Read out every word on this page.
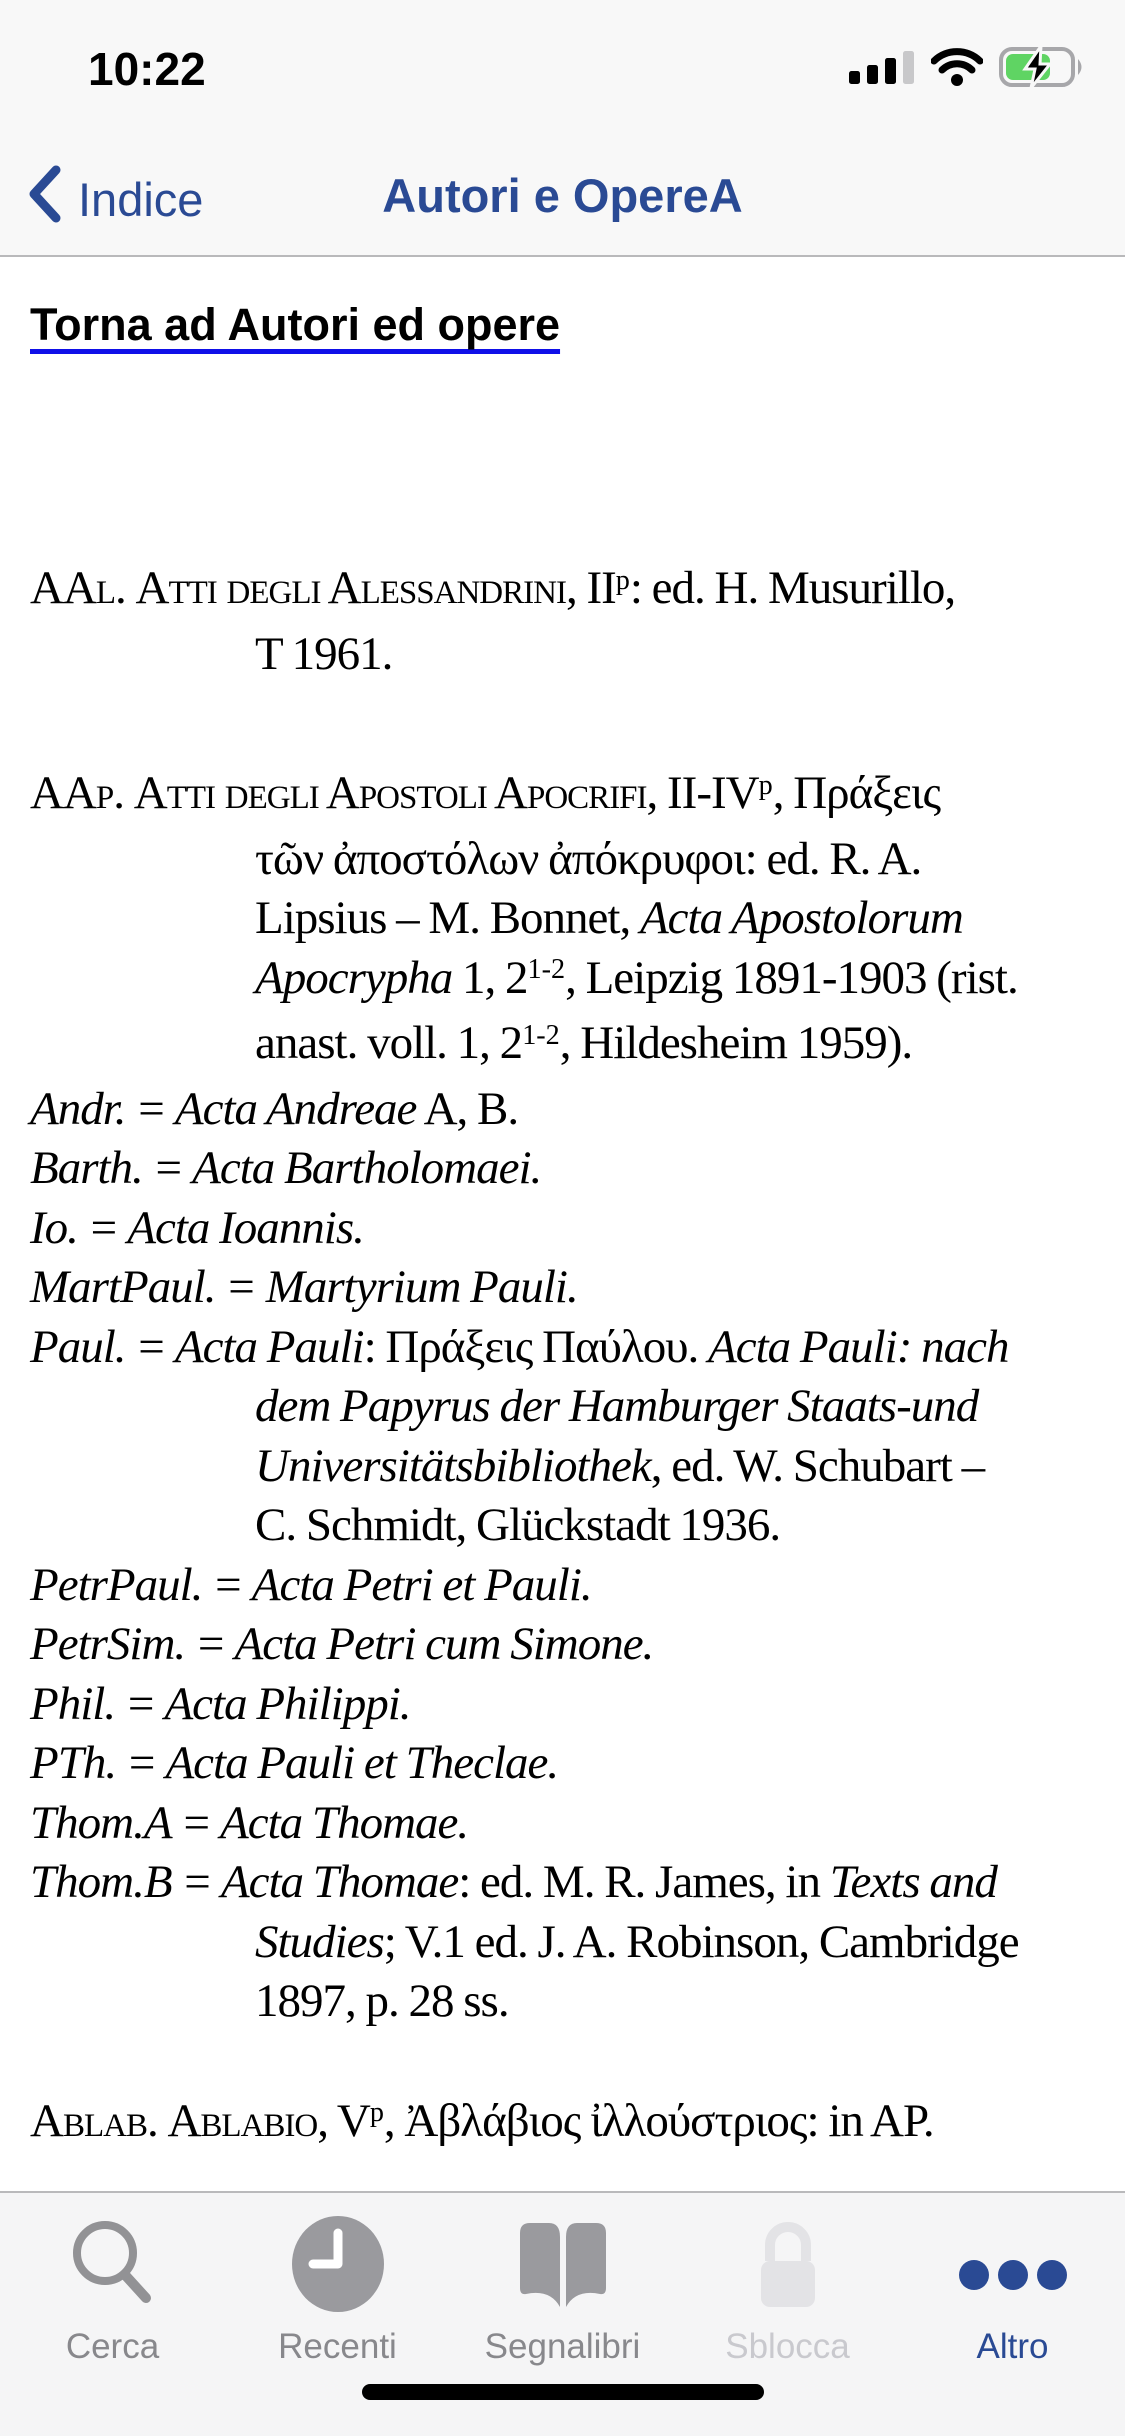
10:22
Indice	Autori e OpereA
Torna ad Autori ed opere

AAl. Atti degli Alessandrini, $II^p$: ed. H. Musurillo,
T 1961.

AAp. Atti degli Apostoli Apocrifi, $II-IV^p$, Πράξεις
τῶν ἀποστόλων ἀπόκρυφοι: ed. R. A.
Lipsius – M. Bonnet, Acta Apostolorum
Apocrypha 1, 2$^{1-2}$, Leipzig 1891-1903 (rist.
anast. voll. 1, 2$^{1-2}$, Hildesheim 1959).

Andr. = Acta Andreae A, B.

Barth. = Acta Bartholomaei.

Io. = Acta Ioannis.

MartPaul. = Martyrium Pauli.

Paul. = Acta Pauli: Πράξεις Παύλου. Acta Pauli: nach
dem Papyrus der Hamburger Staats-und
Universitätsbibliothek, ed. W. Schubart –
C. Schmidt, Glückstadt 1936.

PetrPaul. = Acta Petri et Pauli.

PetrSim. = Acta Petri cum Simone.

Phil. = Acta Philippi.

PTh. = Acta Pauli et Theclae.

Thom.A = Acta Thomae.

Thom.B = Acta Thomae: ed. M. R. James, in Texts and
Studies; V.1 ed. J. A. Robinson, Cambridge
1897, p. 28 ss.

Ablab. Ablabio, $V^p$, Ἀβλάβιος ἰλλούστριος: in AP.

Cerca	Recenti	Segnalibri Sblocca	Altro
